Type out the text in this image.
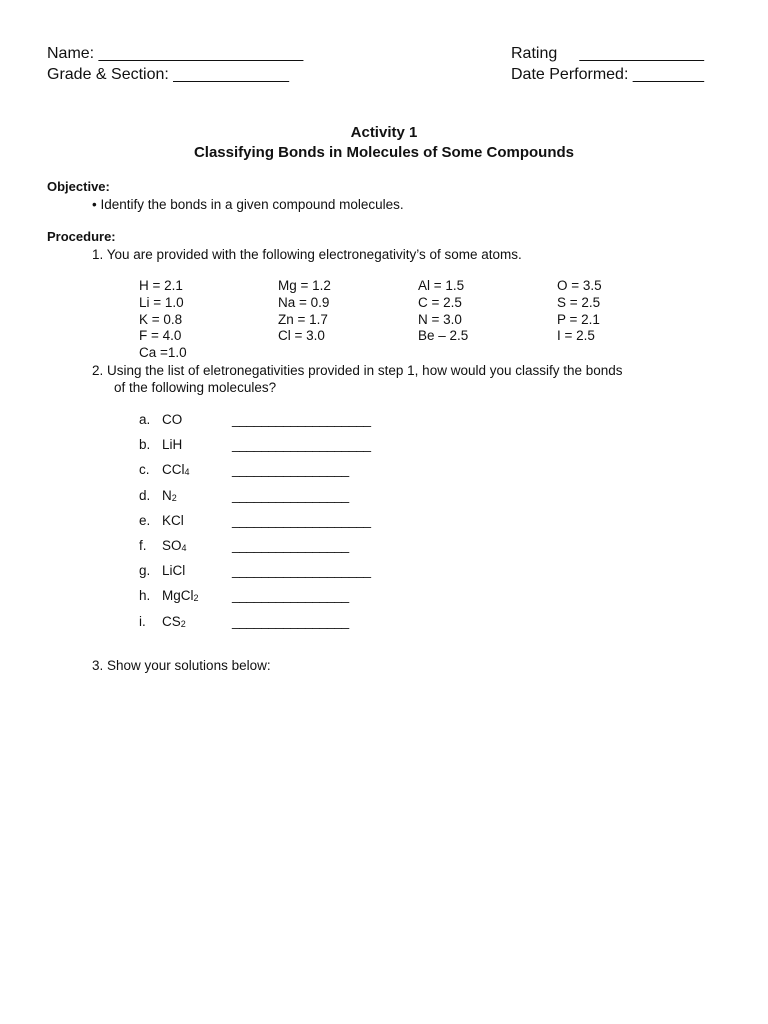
Name: _______________________
Grade & Section: _____________
Rating     ______________
Date Performed: ________
Activity 1
Classifying Bonds in Molecules of Some Compounds
Objective:
• Identify the bonds in a given compound molecules.
Procedure:
1. You are provided with the following electronegativity’s of some atoms.
H = 2.1	Mg = 1.2	Al = 1.5	O = 3.5
Li = 1.0	Na = 0.9	C = 2.5	S = 2.5
K = 0.8	Zn = 1.7	N = 3.0	P = 2.1
F = 4.0	Cl = 3.0	Be – 2.5	I = 2.5
Ca =1.0
2. Using the list of eletronegativities provided in step 1, how would you classify the bonds
of the following molecules?
a. CO	___________________
b. LiH	___________________
c. CCl$_4$	________________
d. $N_2$	________________
e. KCl	___________________
f. $SO_4$	________________
g. LiCl	___________________
h. MgCl$_2$ ________________
i. $CS_2$	________________
3. Show your solutions below:
